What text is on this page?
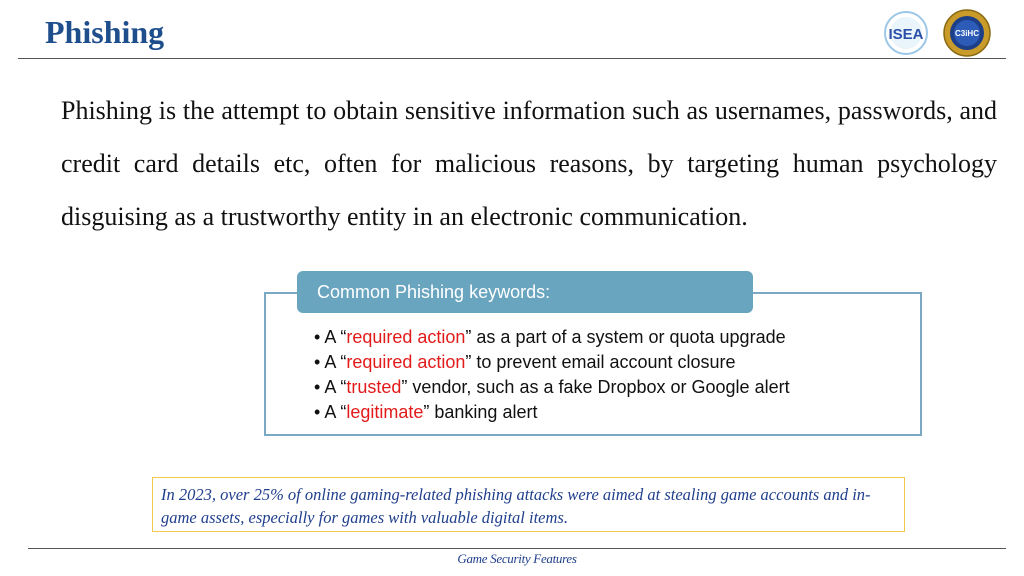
Phishing	ISEA	C3iHC

Phishing is the attempt to obtain sensitive information such as usernames, passwords, and credit card details etc, often for malicious reasons, by targeting human psychology disguising as a trustworthy entity in an electronic communication.

Common Phishing keywords:
• A “required action” as a part of a system or quota upgrade
• A “required action” to prevent email account closure
• A “trusted” vendor, such as a fake Dropbox or Google alert
• A “legitimate” banking alert
In 2023, over 25% of online gaming-related phishing attacks were aimed at stealing game accounts and in-game assets, especially for games with valuable digital items.
Game Security Features
